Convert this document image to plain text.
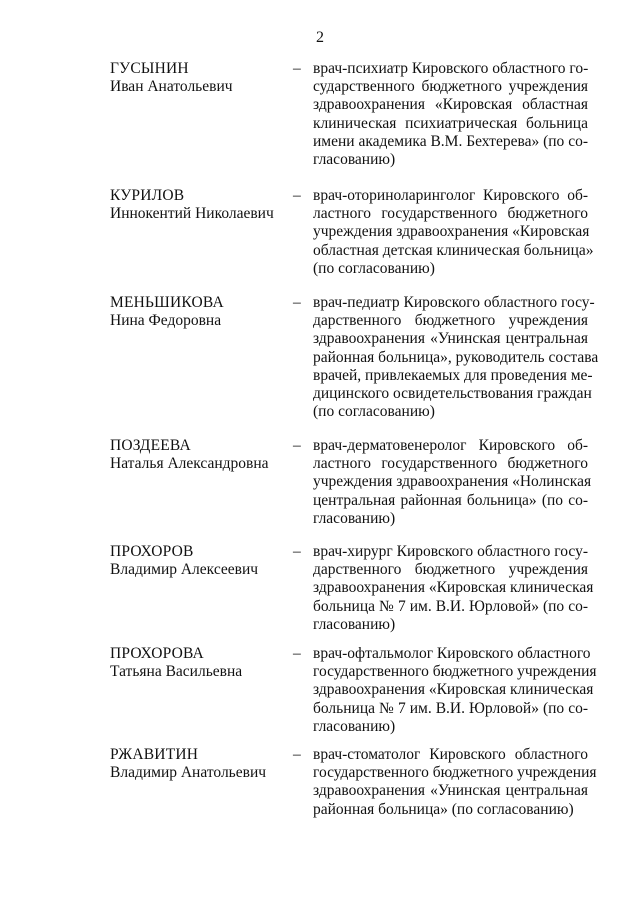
2
ГУСЫНИН
Иван Анатольевич
– врач-психиатр Кировского областного го-
сударственного бюджетного учреждения
здравоохранения «Кировская областная
клиническая психиатрическая больница
имени академика В.М. Бехтерева» (по со-
гласованию)
КУРИЛОВ
Иннокентий Николаевич
– врач-оториноларинголог Кировского об-
ластного государственного бюджетного
учреждения здравоохранения «Кировская
областная детская клиническая больница»
(по согласованию)
МЕНЬШИКОВА
Нина Федоровна
– врач-педиатр Кировского областного госу-
дарственного бюджетного учреждения
здравоохранения «Унинская центральная
районная больница», руководитель состава
врачей, привлекаемых для проведения ме-
дицинского освидетельствования граждан
(по согласованию)
ПОЗДЕЕВА
Наталья Александровна
– врач-дерматовенеролог Кировского об-
ластного государственного бюджетного
учреждения здравоохранения «Нолинская
центральная районная больница» (по со-
гласованию)
ПРОХОРОВ
Владимир Алексеевич
– врач-хирург Кировского областного госу-
дарственного бюджетного учреждения
здравоохранения «Кировская клиническая
больница № 7 им. В.И. Юрловой» (по со-
гласованию)
ПРОХОРОВА
Татьяна Васильевна
– врач-офтальмолог Кировского областного
государственного бюджетного учреждения
здравоохранения «Кировская клиническая
больница № 7 им. В.И. Юрловой» (по со-
гласованию)
РЖАВИТИН
Владимир Анатольевич
– врач-стоматолог Кировского областного
государственного бюджетного учреждения
здравоохранения «Унинская центральная
районная больница» (по согласованию)
